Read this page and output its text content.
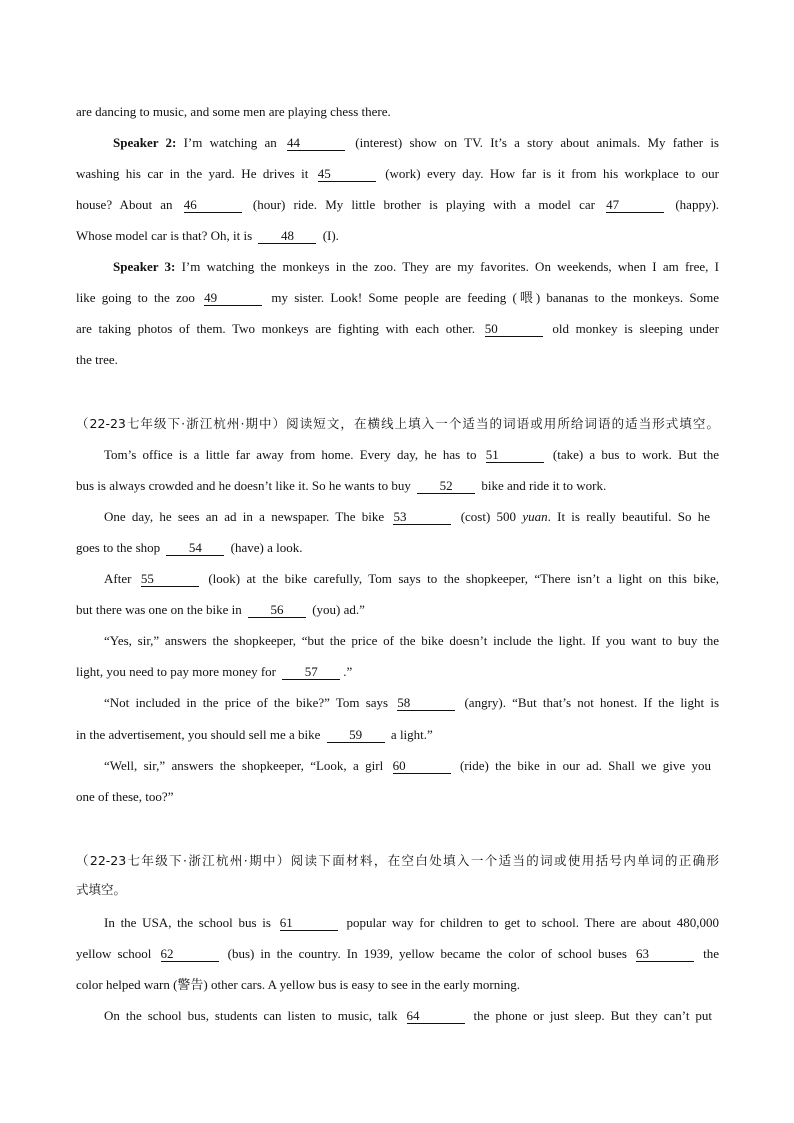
are dancing to music, and some men are playing chess there.
Speaker 2: I’m watching an 44	(interest) show on TV. It’s a story about animals. My father is
washing his car in the yard. He drives it 45	(work) every day. How far is it from his workplace to our
house? About an 46	(hour) ride. My little brother is playing with a model car 47	(happy).
Whose model car is that? Oh, it is 48 (I).
Speaker 3: I’m watching the monkeys in the zoo. They are my favorites. On weekends, when I am free, I
like going to the zoo 49	my sister. Look! Some people are feeding (喂) bananas to the monkeys. Some
are taking photos of them. Two monkeys are fighting with each other. 50	old monkey is sleeping under
the tree.
（22-23七年级下·浙江杭州·期中）阅读短文，在横线上填入一个适当的词语或用所给词语的适当形式填空。
Tom’s office is a little far away from home. Every day, he has to 51	(take) a bus to work. But the
bus is always crowded and he doesn’t like it. So he wants to buy 52 bike and ride it to work.
One day, he sees an ad in a newspaper. The bike 53	(cost) 500 yuan. It is really beautiful. So he
goes to the shop 54 (have) a look.
After 55	(look) at the bike carefully, Tom says to the shopkeeper, “There isn’t a light on this bike,
but there was one on the bike in 56 (you) ad.”
“Yes, sir,” answers the shopkeeper, “but the price of the bike doesn’t include the light. If you want to buy the
light, you need to pay more money for 57 .”
“Not included in the price of the bike?” Tom says 58	(angry). “But that’s not honest. If the light is
in the advertisement, you should sell me a bike 59 a light.”
“Well, sir,” answers the shopkeeper, “Look, a girl 60	(ride) the bike in our ad. Shall we give you
one of these, too?”
（22-23七年级下·浙江杭州·期中）阅读下面材料，在空白处填入一个适当的词或使用括号内单词的正确形
式填空。
In the USA, the school bus is 61	popular way for children to get to school. There are about 480,000
yellow school 62	(bus) in the country. In 1939, yellow became the color of school buses 63	the
color helped warn (警告) other cars. A yellow bus is easy to see in the early morning.
On the school bus, students can listen to music, talk 64	the phone or just sleep. But they can’t put
